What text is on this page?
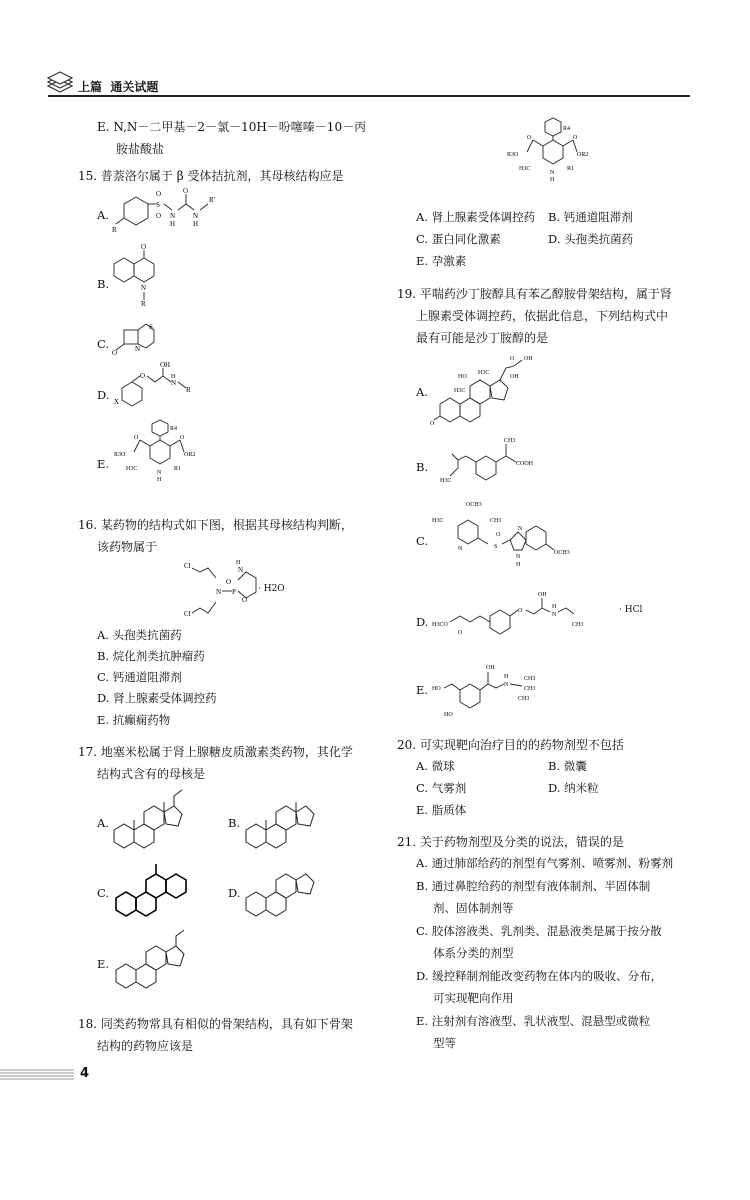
上篇 通关试题
E. N,N－二甲基－2－氯－10H－吩噻嗪－10－丙
胺盐酸盐
15. 普萘洛尔属于 β 受体拮抗剂，其母核结构应是
A.
R
S
O
O N
H
O
N
H
R'
B.
O
N
R
C.
O
S
N
D. X
O
OH
N
H
R
E.
R4
O
R3O
O
OR2
H3C
N
H
R1
16. 某药物的结构式如下图，根据其母核结构判断，
该药物属于
Cl
Cl
N P
O
N
H
O
· H2O
A. 头孢类抗菌药
B. 烷化剂类抗肿瘤药
C. 钙通道阻滞剂
D. 肾上腺素受体调控药
E. 抗癫痫药物
17. 地塞米松属于肾上腺糖皮质激素类药物，其化学
结构式含有的母核是
A.	B.
C.	D.
E.
18. 同类药物常具有相似的骨架结构，具有如下骨架
结构的药物应该是
R4
O
R3O
O
OR2
H3C
N
H
R1
A. 肾上腺素受体调控药 B. 钙通道阻滞剂
C. 蛋白同化激素	D. 头孢类抗菌药
E. 孕激素
19. 平喘药沙丁胺醇具有苯乙醇胺骨架结构，属于肾
上腺素受体调控药，依据此信息，下列结构式中
最有可能是沙丁胺醇的是
A.
O
H3C
H3C
HO	OH
O OH
B.
H3C
CH3
COOH
C.
OCH3
H3C	CH3
N	S
O
N
H
N
OCH3
D. H3CO
O
O
OH
N
H
CH3
· HCl
E. HO
HO
OH
N
H	CH3
CH3
CH3
20. 可实现靶向治疗目的的药物剂型不包括
A. 微球	B. 微囊
C. 气雾剂	D. 纳米粒
E. 脂质体
21. 关于药物剂型及分类的说法，错误的是
A. 通过肺部给药的剂型有气雾剂、喷雾剂、粉雾剂
B. 通过鼻腔给药的剂型有液体制剂、半固体制
剂、固体制剂等
C. 胶体溶液类、乳剂类、混悬液类是属于按分散
体系分类的剂型
D. 缓控释制剂能改变药物在体内的吸收、分布，
可实现靶向作用
E. 注射剂有溶液型、乳状液型、混悬型或微粒
型等
4
